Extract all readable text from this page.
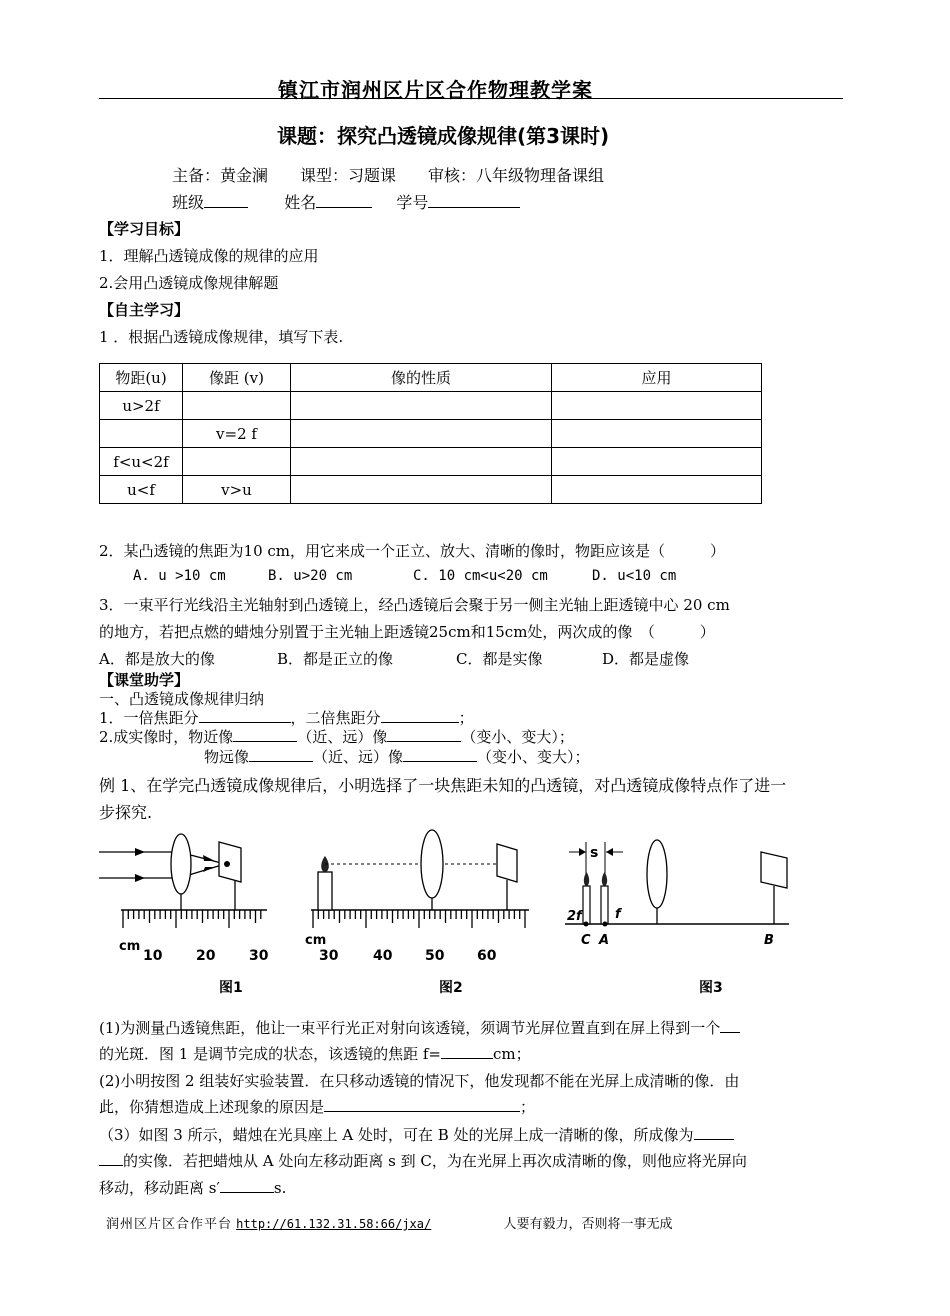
镇江市润州区片区合作物理教学案
课题：探究凸透镜成像规律(第3课时)
主备：黄金澜　　课型：习题课　　审核：八年级物理备课组
班级	姓名	学号
【学习目标】
1．理解凸透镜成像的规律的应用
2.会用凸透镜成像规律解题
【自主学习】
1 ．根据凸透镜成像规律，填写下表.
物距(u)	像距 (v)	像的性质	应用
u>2f			
	v=2 f		
f<u<2f			
u<f	v>u		
2．某凸透镜的焦距为10 cm，用它来成一个正立、放大、清晰的像时，物距应该是（　　　）
A. u >10 cm	B. u>20 cm	C. 10 cm<u<20 cm	D. u<10 cm
3．一束平行光线沿主光轴射到凸透镜上，经凸透镜后会聚于另一侧主光轴上距透镜中心 20 cm
的地方，若把点燃的蜡烛分别置于主光轴上距透镜25cm和15cm处，两次成的像　（　　　）
A．都是放大的像	B．都是正立的像	C．都是实像	D．都是虚像
【课堂助学】
一、凸透镜成像规律归纳
1．一倍焦距分	，二倍焦距分	；
2.成实像时，物近像	（近、远）像	（变小、变大）；
物远像	（近、远）像	（变小、变大）；
例 1、在学完凸透镜成像规律后，小明选择了一块焦距未知的凸透镜，对凸透镜成像特点作了进一
步探究.
cm
10 20 30
图1
cm
30 40 50 60
图2
s
2f	f
C A	B
图3
(1)为测量凸透镜焦距，他让一束平行光正对射向该透镜，须调节光屏位置直到在屏上得到一个
的光斑．图 1 是调节完成的状态，该透镜的焦距 f=	cm；
(2)小明按图 2 组装好实验装置．在只移动透镜的情况下，他发现都不能在光屏上成清晰的像．由
此，你猜想造成上述现象的原因是	；
（3）如图 3 所示，蜡烛在光具座上 A 处时，可在 B 处的光屏上成一清晰的像，所成像为
的实像．若把蜡烛从 A 处向左移动距离 s 到 C，为在光屏上再次成清晰的像，则他应将光屏向
移动，移动距离 s′	s.
润州区片区合作平台 http://61.132.31.58:66/jxa/	人要有毅力，否则将一事无成
